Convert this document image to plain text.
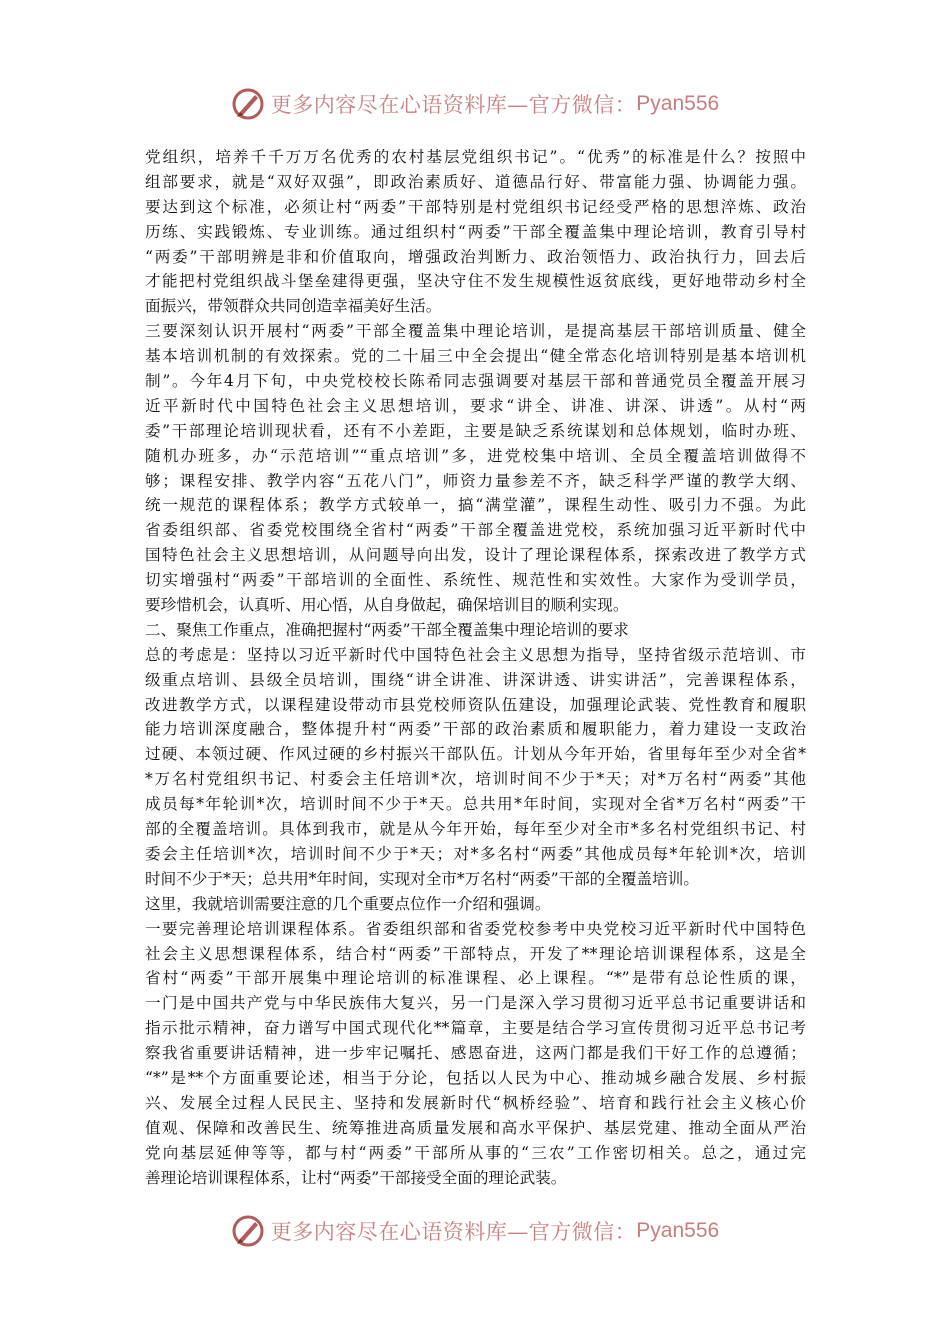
更多内容尽在心语资料库—官方微信： Pyan556
党组织，培养千千万万名优秀的农村基层党组织书记”。“优秀”的标准是什么？按照中
组部要求，就是“双好双强”，即政治素质好、道德品行好、带富能力强、协调能力强。
要达到这个标准，必须让村“两委”干部特别是村党组织书记经受严格的思想淬炼、政治
历练、实践锻炼、专业训练。通过组织村“两委”干部全覆盖集中理论培训，教育引导村
“两委”干部明辨是非和价值取向，增强政治判断力、政治领悟力、政治执行力，回去后
才能把村党组织战斗堡垒建得更强，坚决守住不发生规模性返贫底线，更好地带动乡村全
面振兴，带领群众共同创造幸福美好生活。
三要深刻认识开展村“两委”干部全覆盖集中理论培训，是提高基层干部培训质量、健全
基本培训机制的有效探索。党的二十届三中全会提出“健全常态化培训特别是基本培训机
制”。今年4月下旬，中央党校校长陈希同志强调要对基层干部和普通党员全覆盖开展习
近平新时代中国特色社会主义思想培训，要求“讲全、讲准、讲深、讲透”。从村“两
委”干部理论培训现状看，还有不小差距，主要是缺乏系统谋划和总体规划，临时办班、
随机办班多，办“示范培训”“重点培训”多，进党校集中培训、全员全覆盖培训做得不
够；课程安排、教学内容“五花八门”，师资力量参差不齐，缺乏科学严谨的教学大纲、
统一规范的课程体系；教学方式较单一，搞“满堂灌”，课程生动性、吸引力不强。为此
省委组织部、省委党校围绕全省村“两委”干部全覆盖进党校，系统加强习近平新时代中
国特色社会主义思想培训，从问题导向出发，设计了理论课程体系，探索改进了教学方式
切实增强村“两委”干部培训的全面性、系统性、规范性和实效性。大家作为受训学员，
要珍惜机会，认真听、用心悟，从自身做起，确保培训目的顺利实现。
二、聚焦工作重点，准确把握村“两委”干部全覆盖集中理论培训的要求
总的考虑是：坚持以习近平新时代中国特色社会主义思想为指导，坚持省级示范培训、市
级重点培训、县级全员培训，围绕“讲全讲准、讲深讲透、讲实讲活”，完善课程体系，
改进教学方式，以课程建设带动市县党校师资队伍建设，加强理论武装、党性教育和履职
能力培训深度融合，整体提升村“两委”干部的政治素质和履职能力，着力建设一支政治
过硬、本领过硬、作风过硬的乡村振兴干部队伍。计划从今年开始，省里每年至少对全省*
*万名村党组织书记、村委会主任培训*次，培训时间不少于*天；对*万名村“两委”其他
成员每*年轮训*次，培训时间不少于*天。总共用*年时间，实现对全省*万名村“两委”干
部的全覆盖培训。具体到我市，就是从今年开始，每年至少对全市*多名村党组织书记、村
委会主任培训*次，培训时间不少于*天；对*多名村“两委”其他成员每*年轮训*次，培训
时间不少于*天；总共用*年时间，实现对全市*万名村“两委”干部的全覆盖培训。
这里，我就培训需要注意的几个重要点位作一介绍和强调。
一要完善理论培训课程体系。省委组织部和省委党校参考中央党校习近平新时代中国特色
社会主义思想课程体系，结合村“两委”干部特点，开发了**理论培训课程体系，这是全
省村“两委”干部开展集中理论培训的标准课程、必上课程。“*”是带有总论性质的课，
一门是中国共产党与中华民族伟大复兴，另一门是深入学习贯彻习近平总书记重要讲话和
指示批示精神，奋力谱写中国式现代化**篇章，主要是结合学习宣传贯彻习近平总书记考
察我省重要讲话精神，进一步牢记嘱托、感恩奋进，这两门都是我们干好工作的总遵循；
“*”是**个方面重要论述，相当于分论，包括以人民为中心、推动城乡融合发展、乡村振
兴、发展全过程人民民主、坚持和发展新时代“枫桥经验”、培育和践行社会主义核心价
值观、保障和改善民生、统筹推进高质量发展和高水平保护、基层党建、推动全面从严治
党向基层延伸等等，都与村“两委”干部所从事的“三农”工作密切相关。总之，通过完
善理论培训课程体系，让村“两委”干部接受全面的理论武装。
更多内容尽在心语资料库—官方微信： Pyan556
